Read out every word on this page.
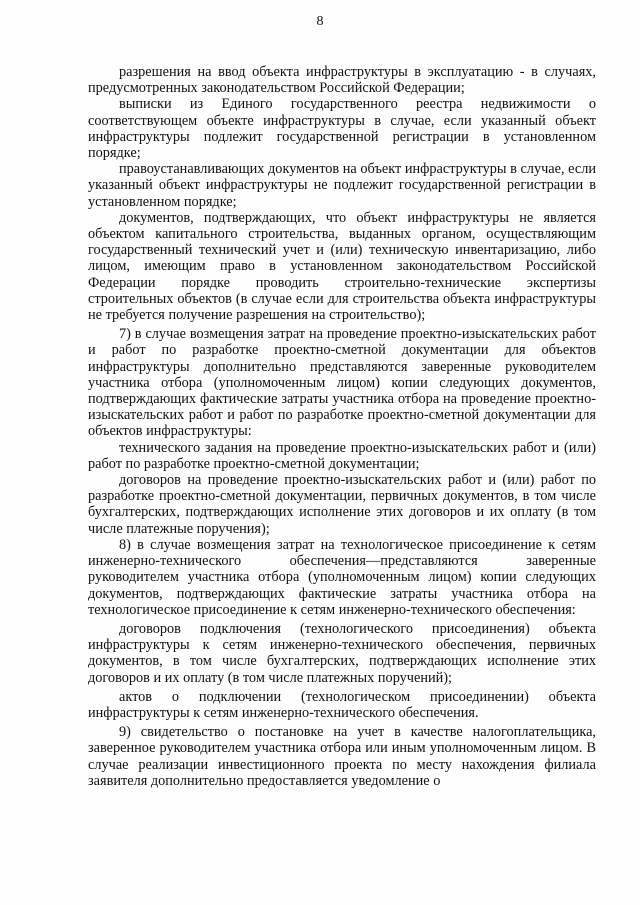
8

разрешения на ввод объекта инфраструктуры в эксплуатацию - в случаях, предусмотренных законодательством Российской Федерации;

выписки из Единого государственного реестра недвижимости о соответствующем объекте инфраструктуры в случае, если указанный объект инфраструктуры подлежит государственной регистрации в установленном порядке;

правоустанавливающих документов на объект инфраструктуры в случае, если указанный объект инфраструктуры не подлежит государственной регистрации в установленном порядке;

документов, подтверждающих, что объект инфраструктуры не является объектом капитального строительства, выданных органом, осуществляющим государственный технический учет и (или) техническую инвентаризацию, либо лицом, имеющим право в установленном законодательством Российской Федерации порядке проводить строительно-технические экспертизы строительных объектов (в случае если для строительства объекта инфраструктуры не требуется получение разрешения на строительство);

7) в случае возмещения затрат на проведение проектно-изыскательских работ и работ по разработке проектно-сметной документации для объектов инфраструктуры дополнительно представляются заверенные руководителем участника отбора (уполномоченным лицом) копии следующих документов, подтверждающих фактические затраты участника отбора на проведение проектно-изыскательских работ и работ по разработке проектно-сметной документации для объектов инфраструктуры:

технического задания на проведение проектно-изыскательских работ и (или) работ по разработке проектно-сметной документации;

договоров на проведение проектно-изыскательских работ и (или) работ по разработке проектно-сметной документации, первичных документов, в том числе бухгалтерских, подтверждающих исполнение этих договоров и их оплату (в том числе платежные поручения);

8) в случае возмещения затрат на технологическое присоединение к сетям инженерно-технического обеспечения—представляются заверенные руководителем участника отбора (уполномоченным лицом) копии следующих документов, подтверждающих фактические затраты участника отбора на технологическое присоединение к сетям инженерно-технического обеспечения:

договоров подключения (технологического присоединения) объекта инфраструктуры к сетям инженерно-технического обеспечения, первичных документов, в том числе бухгалтерских, подтверждающих исполнение этих договоров и их оплату (в том числе платежных поручений);

актов о подключении (технологическом присоединении) объекта инфраструктуры к сетям инженерно-технического обеспечения.

9) свидетельство о постановке на учет в качестве налогоплательщика, заверенное руководителем участника отбора или иным уполномоченным лицом. В случае реализации инвестиционного проекта по месту нахождения филиала заявителя дополнительно предоставляется уведомление о
